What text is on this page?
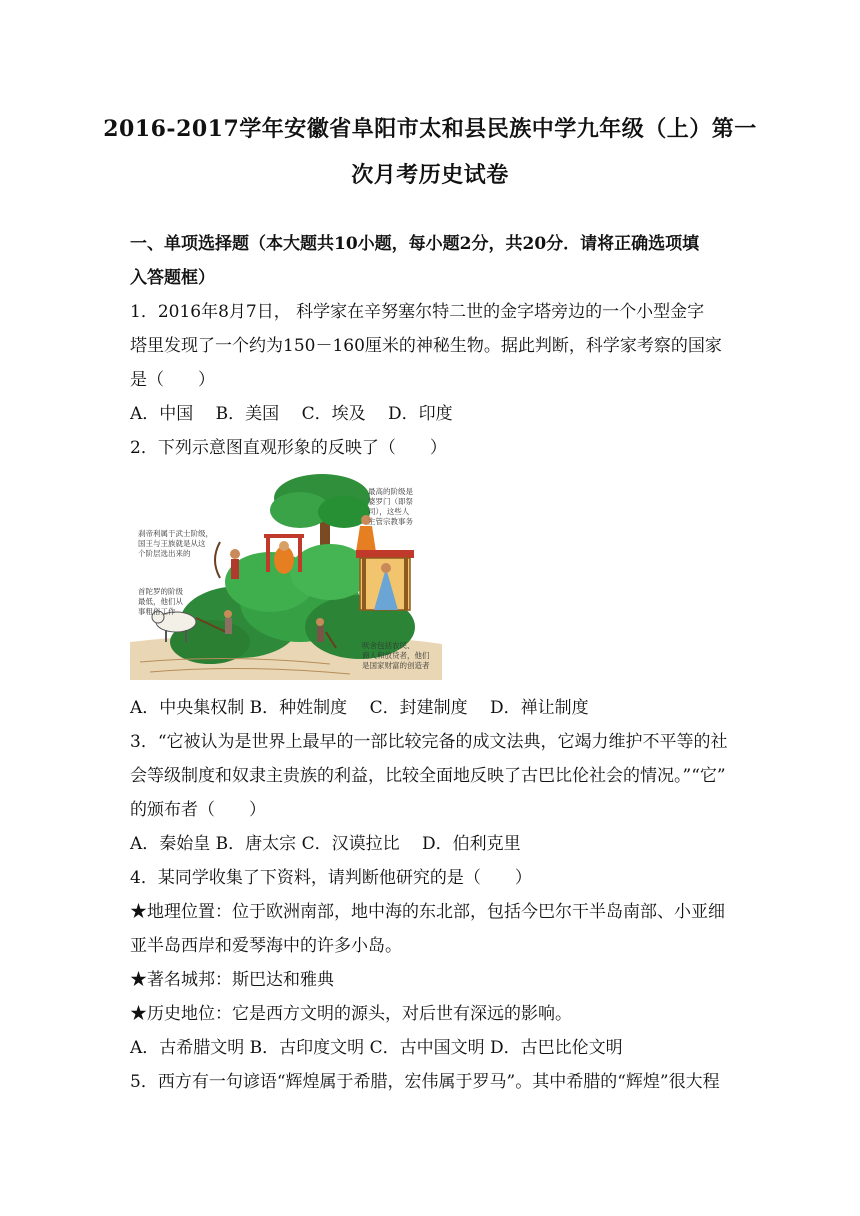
2016-2017学年安徽省阜阳市太和县民族中学九年级（上）第一
次月考历史试卷
一、单项选择题（本大题共10小题，每小题2分，共20分．请将正确选项填
入答题框）
1．2016年8月7日， 科学家在辛努塞尔特二世的金字塔旁边的一个小型金字
塔里发现了一个约为150－160厘米的神秘生物。据此判断，科学家考察的国家
是（　　）
A．中国　 B．美国　 C．埃及　 D．印度
2．下列示意图直观形象的反映了（　　）
最高的阶级是
婆罗门（即祭
司），这些人
主管宗教事务
刹帝利属于武士阶级，
国王与王族就是从这
个阶层选出来的
首陀罗的阶级
最低，他们从
事粗俗工作
吠舍包括农民、
商人和放贷者，他们
是国家财富的创造者
A．中央集权制 B．种姓制度　 C．封建制度　 D．禅让制度
3．“它被认为是世界上最早的一部比较完备的成文法典，它竭力维护不平等的社
会等级制度和奴隶主贵族的利益，比较全面地反映了古巴比伦社会的情况。”“它”
的颁布者（　　）
A．秦始皇 B．唐太宗 C．汉谟拉比　 D．伯利克里
4．某同学收集了下资料，请判断他研究的是（　　）
★地理位置：位于欧洲南部，地中海的东北部，包括今巴尔干半岛南部、小亚细
亚半岛西岸和爱琴海中的许多小岛。
★著名城邦：斯巴达和雅典
★历史地位：它是西方文明的源头，对后世有深远的影响。
A．古希腊文明 B．古印度文明 C．古中国文明 D．古巴比伦文明
5．西方有一句谚语“辉煌属于希腊，宏伟属于罗马”。其中希腊的“辉煌”很大程
